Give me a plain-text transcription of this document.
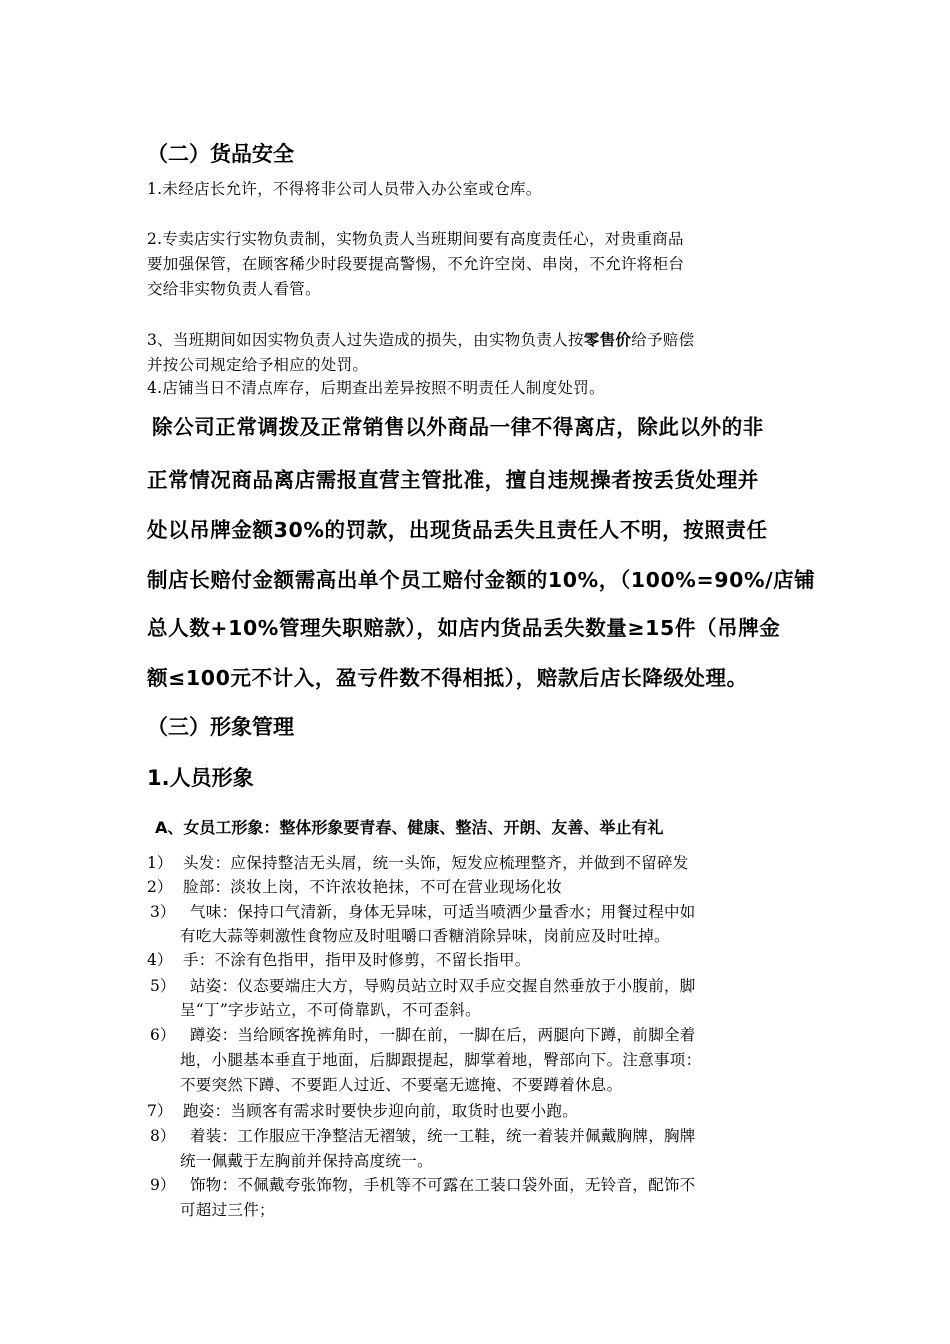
（二）货品安全
1.未经店长允许，不得将非公司人员带入办公室或仓库。
2.专卖店实行实物负责制，实物负责人当班期间要有高度责任心，对贵重商品
要加强保管，在顾客稀少时段要提高警惕，不允许空岗、串岗，不允许将柜台
交给非实物负责人看管。
3、当班期间如因实物负责人过失造成的损失，由实物负责人按零售价给予赔偿
并按公司规定给予相应的处罚。
4.店铺当日不清点库存，后期查出差异按照不明责任人制度处罚。
除公司正常调拨及正常销售以外商品一律不得离店，除此以外的非
正常情况商品离店需报直营主管批准，擅自违规操者按丢货处理并
处以吊牌金额30%的罚款，出现货品丢失且责任人不明，按照责任
制店长赔付金额需高出单个员工赔付金额的10%，（100%=90%/店铺
总人数+10%管理失职赔款），如店内货品丢失数量≥15件（吊牌金
额≤100元不计入，盈亏件数不得相抵），赔款后店长降级处理。
（三）形象管理
1.人员形象
A、女员工形象：整体形象要青春、健康、整洁、开朗、友善、举止有礼
1） 头发：应保持整洁无头屑，统一头饰，短发应梳理整齐，并做到不留碎发
2） 脸部：淡妆上岗，不许浓妆艳抹，不可在营业现场化妆
3） 气味：保持口气清新，身体无异味，可适当喷洒少量香水；用餐过程中如
有吃大蒜等刺激性食物应及时咀嚼口香糖消除异味，岗前应及时吐掉。
4） 手：不涂有色指甲，指甲及时修剪，不留长指甲。
5） 站姿：仪态要端庄大方，导购员站立时双手应交握自然垂放于小腹前，脚
呈“丁”字步站立，不可倚靠趴，不可歪斜。
6） 蹲姿：当给顾客挽裤角时，一脚在前，一脚在后，两腿向下蹲，前脚全着
地，小腿基本垂直于地面，后脚跟提起，脚掌着地，臀部向下。注意事项：
不要突然下蹲、不要距人过近、不要毫无遮掩、不要蹲着休息。
7） 跑姿：当顾客有需求时要快步迎向前，取货时也要小跑。
8） 着装：工作服应干净整洁无褶皱，统一工鞋，统一着装并佩戴胸牌，胸牌
统一佩戴于左胸前并保持高度统一。
9） 饰物：不佩戴夸张饰物，手机等不可露在工装口袋外面，无铃音，配饰不
可超过三件；
